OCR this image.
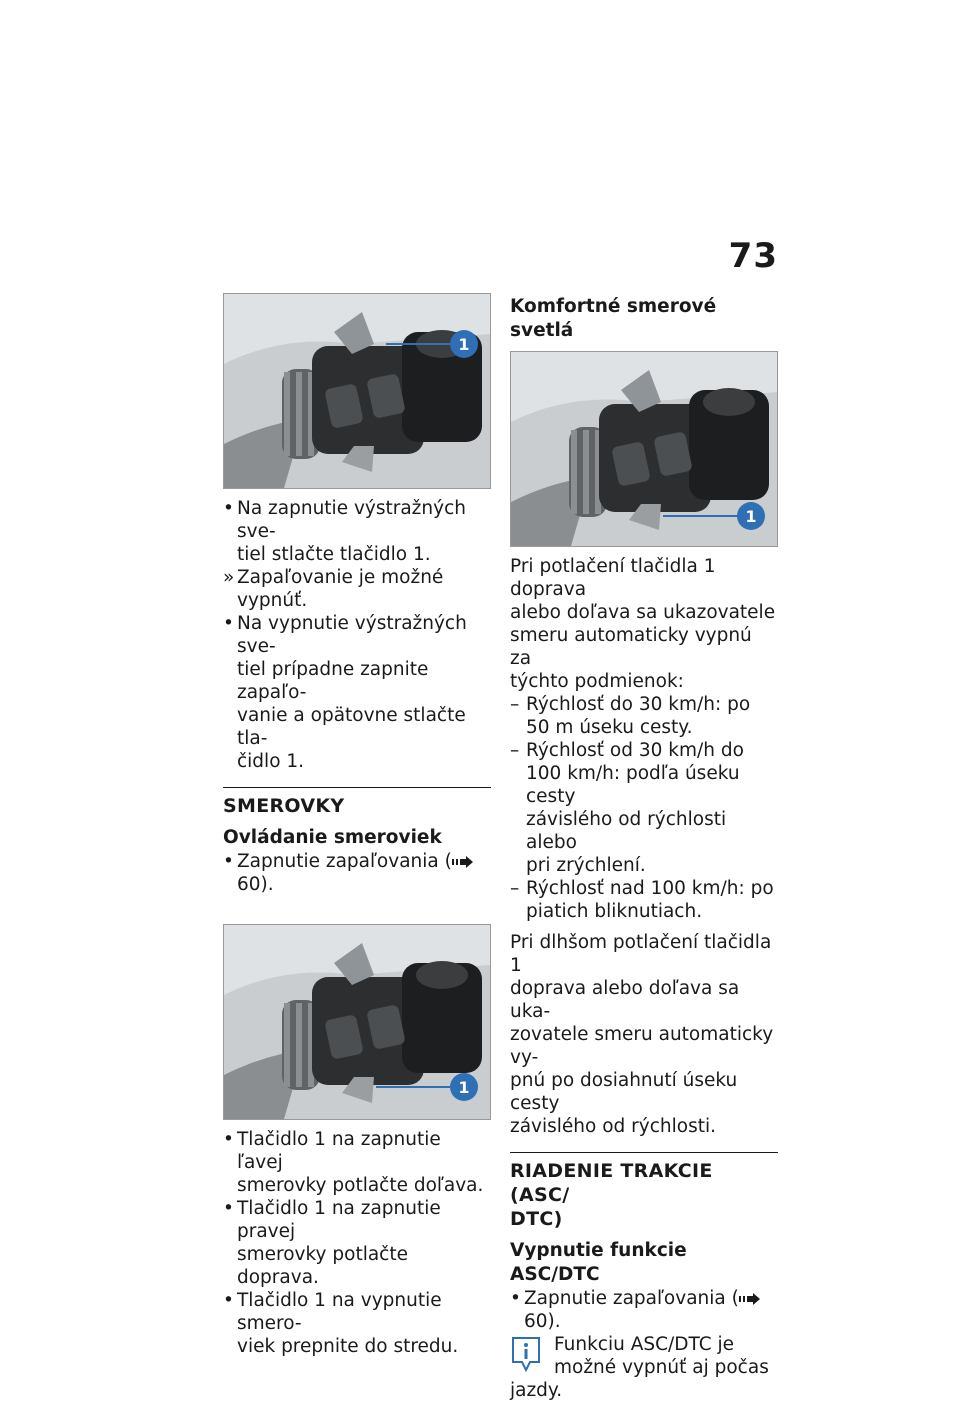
73
1
• Na zapnutie výstražných sve-
tiel stlačte tlačidlo 1.
» Zapaľovanie je možné vypnúť.
• Na vypnutie výstražných sve-
tiel prípadne zapnite zapaľo-
vanie a opätovne stlačte tla-
čidlo 1.
SMEROVKY
Ovládanie smeroviek
• Zapnutie zapaľovania (60).
1
• Tlačidlo 1 na zapnutie ľavej
smerovky potlačte doľava.
• Tlačidlo 1 na zapnutie pravej
smerovky potlačte doprava.
• Tlačidlo 1 na vypnutie smero-
viek prepnite do stredu.
Komfortné smerové svetlá
1
Pri potlačení tlačidla 1 doprava
alebo doľava sa ukazovatele
smeru automaticky vypnú za
týchto podmienok:
– Rýchlosť do 30 km/h: po
50 m úseku cesty.
– Rýchlosť od 30 km/h do
100 km/h: podľa úseku cesty
závislého od rýchlosti alebo
pri zrýchlení.
– Rýchlosť nad 100 km/h: po
piatich bliknutiach.
Pri dlhšom potlačení tlačidla 1
doprava alebo doľava sa uka-
zovatele smeru automaticky vy-
pnú po dosiahnutí úseku cesty
závislého od rýchlosti.
RIADENIE TRAKCIE (ASC/
DTC)
Vypnutie funkcie ASC/DTC
• Zapnutie zapaľovania (60).
Funkciu ASC/DTC je
možné vypnúť aj počas
jazdy.
